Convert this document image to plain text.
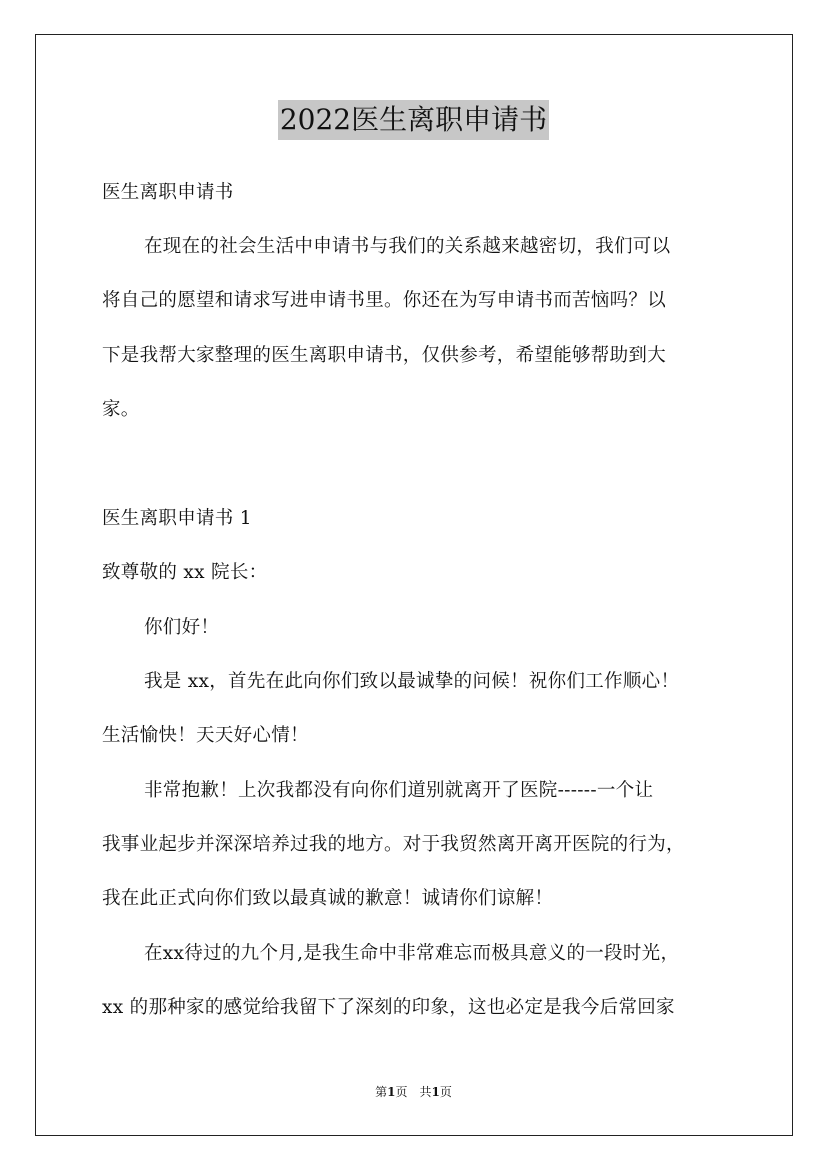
2022医生离职申请书
医生离职申请书
在现在的社会生活中申请书与我们的关系越来越密切，我们可以
将自己的愿望和请求写进申请书里。你还在为写申请书而苦恼吗？以
下是我帮大家整理的医生离职申请书，仅供参考，希望能够帮助到大
家。
医生离职申请书 1
致尊敬的 xx 院长：
你们好！
我是 xx，首先在此向你们致以最诚挚的问候！祝你们工作顺心！
生活愉快！天天好心情！
非常抱歉！上次我都没有向你们道别就离开了医院------一个让
我事业起步并深深培养过我的地方。对于我贸然离开离开医院的行为，
我在此正式向你们致以最真诚的歉意！诚请你们谅解！
在xx待过的九个月,是我生命中非常难忘而极具意义的一段时光，
xx 的那种家的感觉给我留下了深刻的印象，这也必定是我今后常回家
第1页　共1页
